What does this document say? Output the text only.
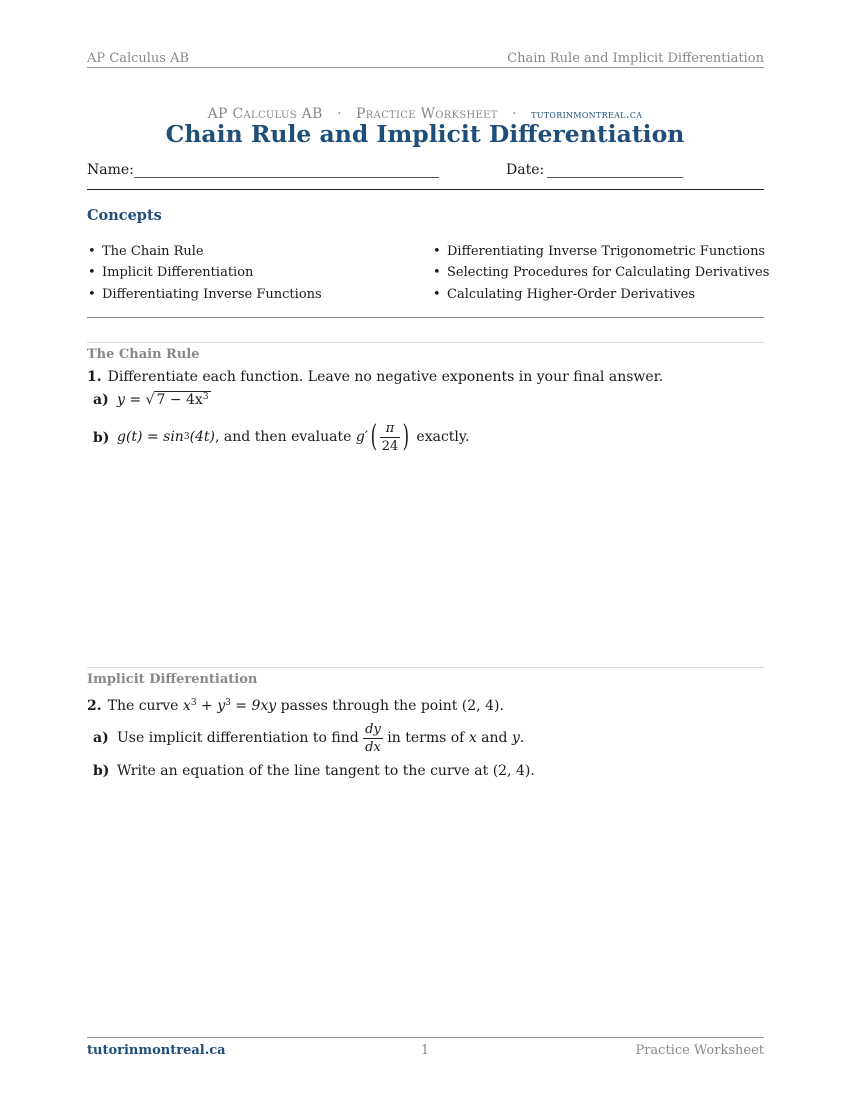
AP Calculus AB	Chain Rule and Implicit Differentiation
AP Calculus AB · Practice Worksheet · tutorinmontreal.ca
Chain Rule and Implicit Differentiation
Name:	Date:
Concepts
• The Chain Rule
• Implicit Differentiation
• Differentiating Inverse Functions
• Differentiating Inverse Trigonometric Functions
• Selecting Procedures for Calculating Derivatives
• Calculating Higher-Order Derivatives
The Chain Rule
1. Differentiate each function. Leave no negative exponents in your final answer.
a) y = √ $7 - 4x^3$
b) g(t) = sin 3 (4t) , and then evaluate g′ ( $\frac{\pi}{24}$ ) exactly.
Implicit Differentiation
2. The curve $x^3 + y^3 = 9xy$ passes through the point (2, 4).
a) Use implicit differentiation to find $\frac{dy}{dx}$ in terms of x and y .
b) Write an equation of the line tangent to the curve at (2, 4).
tutorinmontreal.ca	1	Practice Worksheet
